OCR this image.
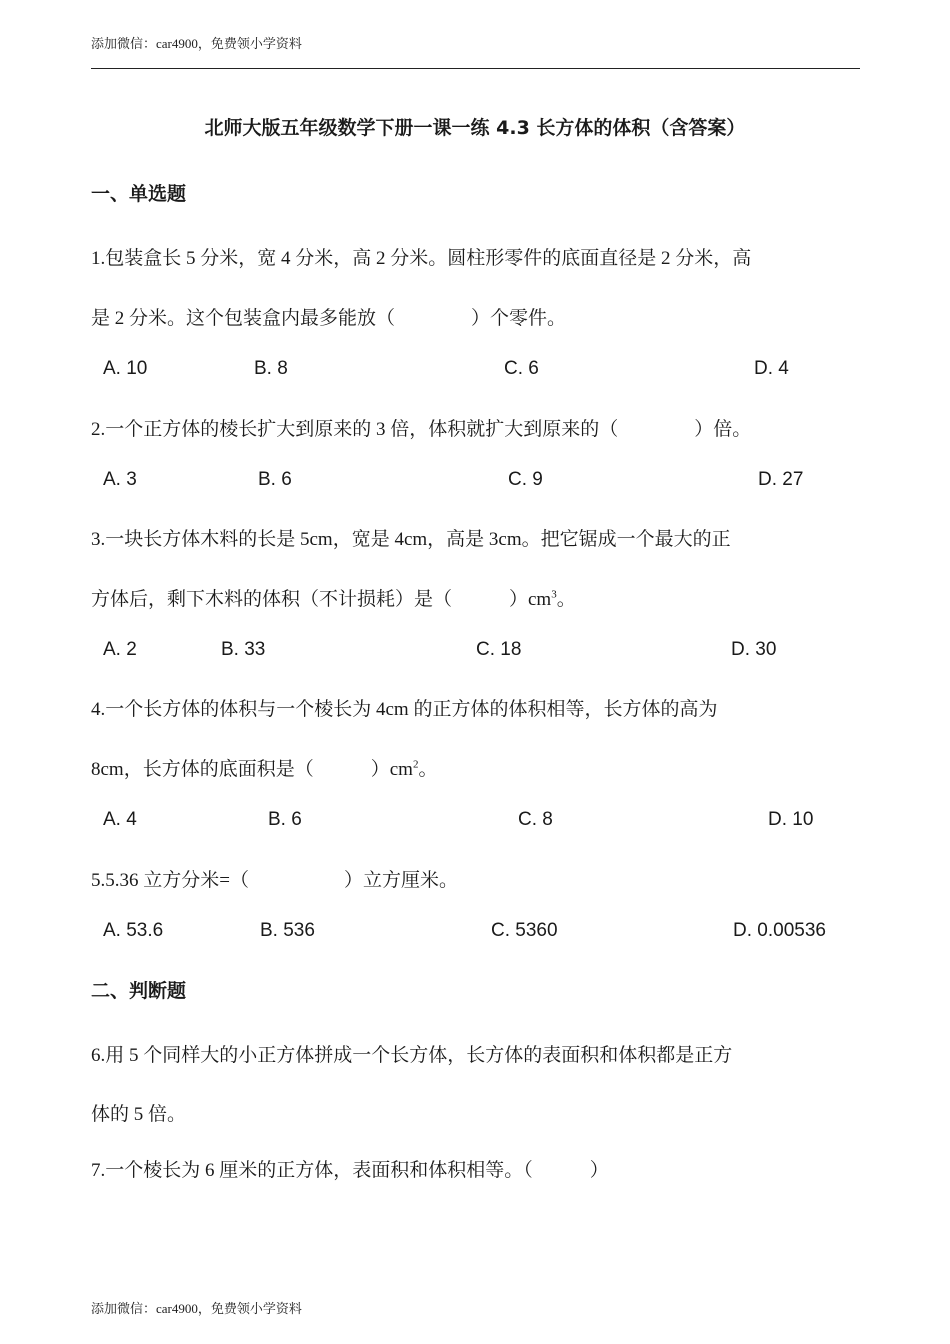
添加微信：car4900，免费领小学资料
北师大版五年级数学下册一课一练 4.3 长方体的体积（含答案）
一、单选题
1.包装盒长 5 分米，宽 4 分米，高 2 分米。圆柱形零件的底面直径是 2 分米，高
是 2 分米。这个包装盒内最多能放（　　　　）个零件。
A. 10	B. 8	C. 6	D. 4
2.一个正方体的棱长扩大到原来的 3 倍，体积就扩大到原来的（　　　　）倍。
A. 3	B. 6	C. 9	D. 27
3.一块长方体木料的长是 5cm，宽是 4cm，高是 3cm。把它锯成一个最大的正
方体后，剩下木料的体积（不计损耗）是（　　　）$cm^3$。
A. 2	B. 33	C. 18	D. 30
4.一个长方体的体积与一个棱长为 4cm 的正方体的体积相等，长方体的高为
8cm，长方体的底面积是（　　　）$cm^2$。
A. 4	B. 6	C. 8	D. 10
5.5.36 立方分米=（　　　　　）立方厘米。
A. 53.6	B. 536	C. 5360	D. 0.00536
二、判断题
6.用 5 个同样大的小正方体拼成一个长方体，长方体的表面积和体积都是正方
体的 5 倍。
7.一个棱长为 6 厘米的正方体，表面积和体积相等。（　　　）
添加微信：car4900，免费领小学资料
